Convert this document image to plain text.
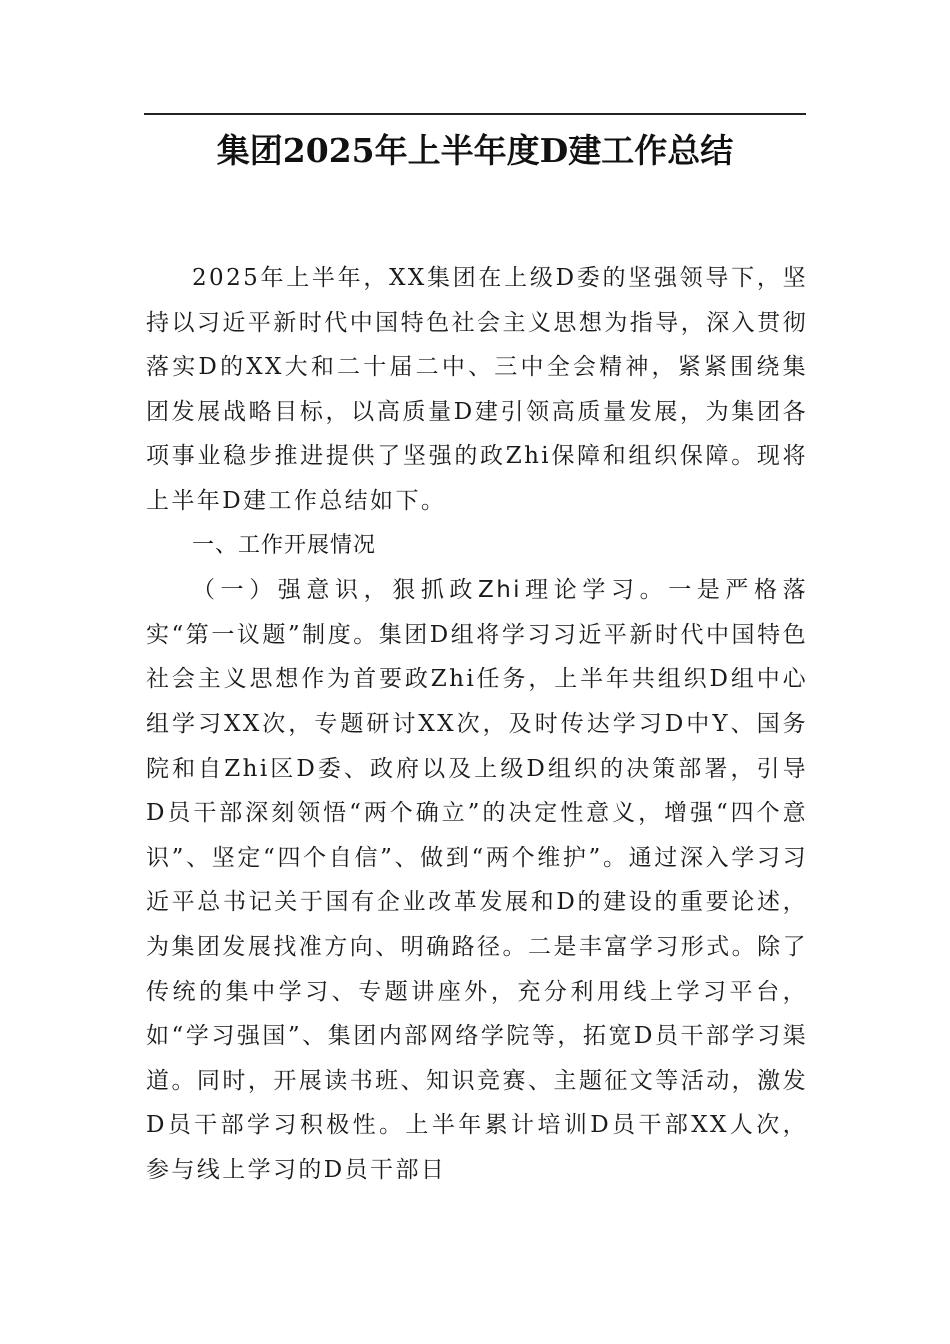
集团2025年上半年度D建工作总结

2025年上半年，XX集团在上级D委的坚强领导下，坚持以习近平新时代中国特色社会主义思想为指导，深入贯彻落实D的XX大和二十届二中、三中全会精神，紧紧围绕集团发展战略目标，以高质量D建引领高质量发展，为集团各项事业稳步推进提供了坚强的政Zhi保障和组织保障。现将上半年D建工作总结如下。

一、工作开展情况

（一）强意识，狠抓政Zhi理论学习。一是严格落实“第一议题”制度。集团D组将学习习近平新时代中国特色社会主义思想作为首要政Zhi任务，上半年共组织D组中心组学习XX次，专题研讨XX次，及时传达学习D中Y、国务院和自Zhi区D委、政府以及上级D组织的决策部署，引导D员干部深刻领悟“两个确立”的决定性意义，增强“四个意识”、坚定“四个自信”、做到“两个维护”。通过深入学习习近平总书记关于国有企业改革发展和D的建设的重要论述，为集团发展找准方向、明确路径。二是丰富学习形式。除了传统的集中学习、专题讲座外，充分利用线上学习平台，如“学习强国”、集团内部网络学院等，拓宽D员干部学习渠道。同时，开展读书班、知识竞赛、主题征文等活动，激发D员干部学习积极性。上半年累计培训D员干部XX人次，参与线上学习的D员干部日
